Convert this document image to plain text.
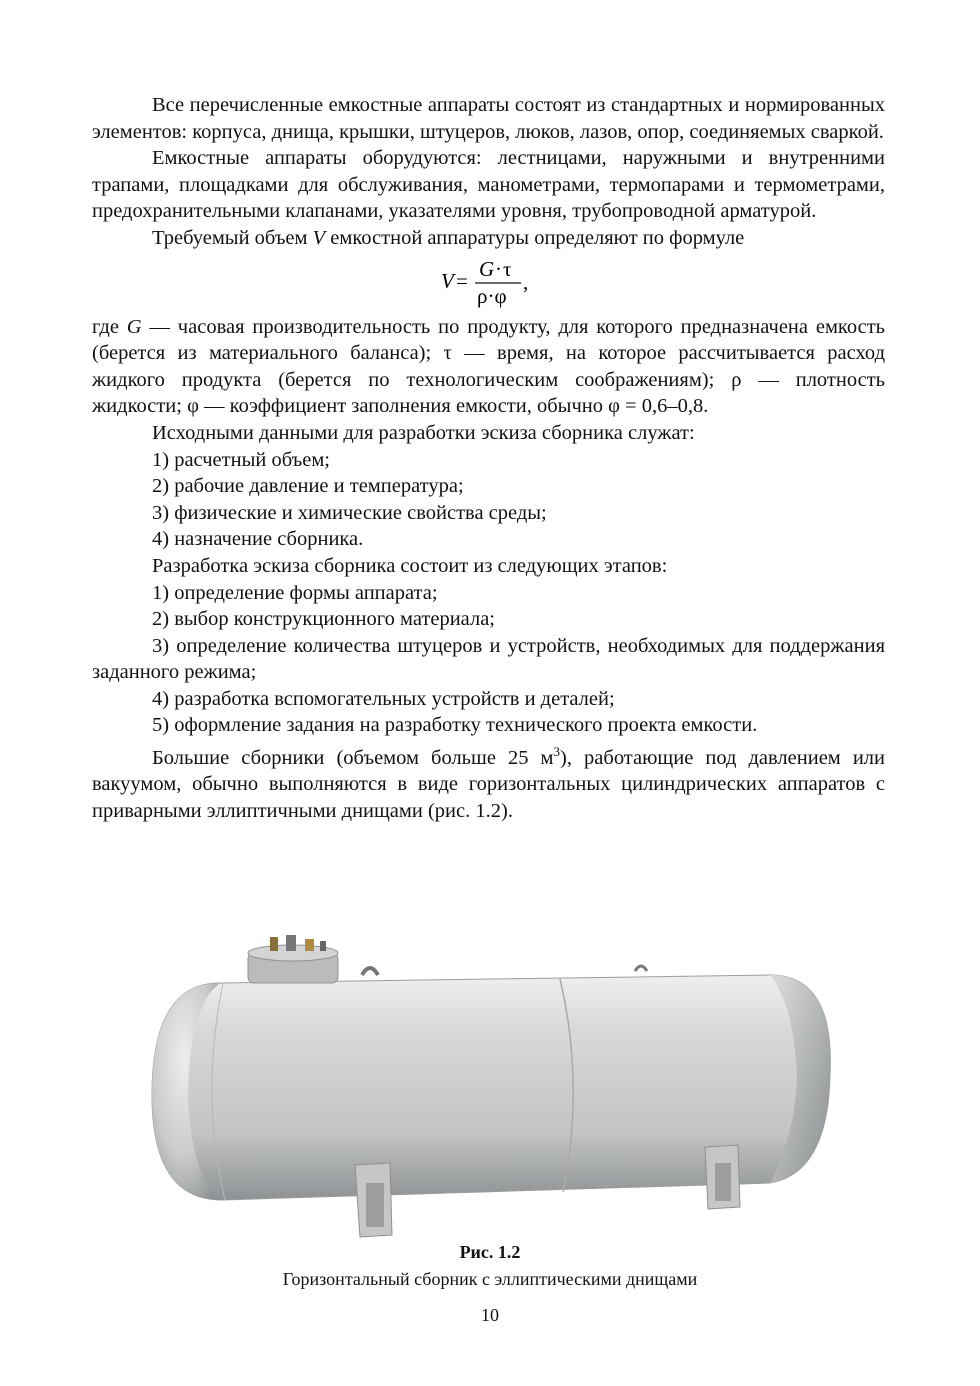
Все перечисленные емкостные аппараты состоят из стандартных и нормированных элементов: корпуса, днища, крышки, штуцеров, люков, лазов, опор, соединяемых сваркой.

Емкостные аппараты оборудуются: лестницами, наружными и внутренними трапами, площадками для обслуживания, манометрами, термопарами и термометрами, предохранительными клапанами, указателями уровня, трубопроводной арматурой.

Требуемый объем V емкостной аппаратуры определяют по формуле

V = G · τ
ρ·φ
,

где G — часовая производительность по продукту, для которого предназначена емкость (берется из материального баланса); τ — время, на которое рассчитывается расход жидкого продукта (берется по технологическим соображениям); ρ — плотность жидкости; φ — коэффициент заполнения емкости, обычно φ = 0,6–0,8.

Исходными данными для разработки эскиза сборника служат:

1) расчетный объем;

2) рабочие давление и температура;

3) физические и химические свойства среды;

4) назначение сборника.

Разработка эскиза сборника состоит из следующих этапов:

1) определение формы аппарата;

2) выбор конструкционного материала;

3) определение количества штуцеров и устройств, необходимых для поддержания заданного режима;

4) разработка вспомогательных устройств и деталей;

5) оформление задания на разработку технического проекта емкости.

Большие сборники (объемом больше 25 $м^3$), работающие под давлением или вакуумом, обычно выполняются в виде горизонтальных цилиндрических аппаратов с приварными эллиптичными днищами (рис. 1.2).

Рис. 1.2
Горизонтальный сборник с эллиптическими днищами
10
